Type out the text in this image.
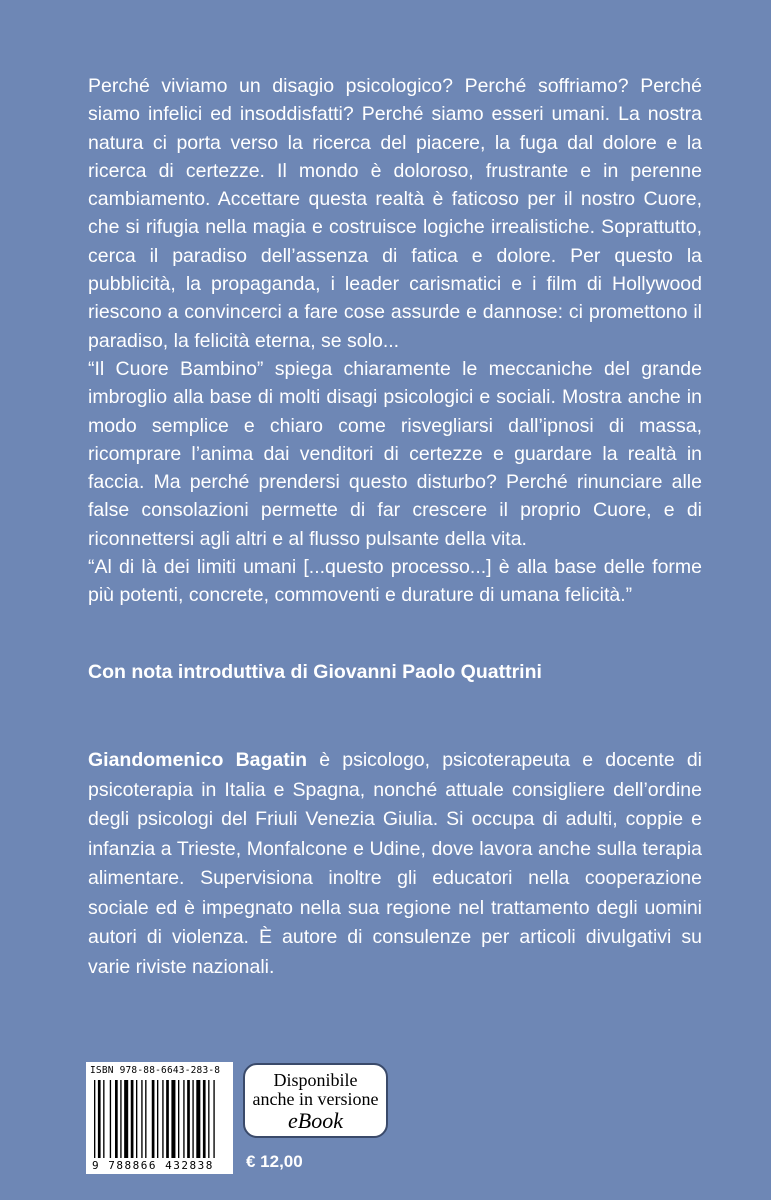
Perché viviamo un disagio psicologico? Perché soffriamo? Perché siamo infelici ed insoddisfatti? Perché siamo esseri umani. La nostra natura ci porta verso la ricerca del piacere, la fuga dal dolore e la ricerca di certezze. Il mondo è doloroso, frustrante e in perenne cambiamento. Accettare questa realtà è faticoso per il nostro Cuore, che si rifugia nella magia e costruisce logiche irrealistiche. Soprattutto, cerca il paradiso dell’assenza di fatica e dolore. Per questo la pubblicità, la propaganda, i leader carismatici e i film di Hollywood riescono a convincerci a fare cose assurde e dannose: ci promettono il paradiso, la felicità eterna, se solo...

“Il Cuore Bambino” spiega chiaramente le meccaniche del grande imbroglio alla base di molti disagi psicologici e sociali. Mostra anche in modo semplice e chiaro come risvegliarsi dall’ipnosi di massa, ricomprare l’anima dai venditori di certezze e guardare la realtà in faccia. Ma perché prendersi questo disturbo? Perché rinunciare alle false consolazioni permette di far crescere il proprio Cuore, e di riconnettersi agli altri e al flusso pulsante della vita.

“Al di là dei limiti umani [...questo processo...] è alla base delle forme più potenti, concrete, commoventi e durature di umana felicità.”

Con nota introduttiva di Giovanni Paolo Quattrini
Giandomenico Bagatin è psicologo, psicoterapeuta e docente di psicoterapia in Italia e Spagna, nonché attuale consigliere dell’ordine degli psicologi del Friuli Venezia Giulia. Si occupa di adulti, coppie e infanzia a Trieste, Monfalcone e Udine, dove lavora anche sulla terapia alimentare. Supervisiona inoltre gli educatori nella cooperazione sociale ed è impegnato nella sua regione nel trattamento degli uomini autori di violenza. È autore di consulenze per articoli divulgativi su varie riviste nazionali.
ISBN 978-88-6643-283-8
9 788866 432838
Disponibile
anche in versione
eBook
€ 12,00
